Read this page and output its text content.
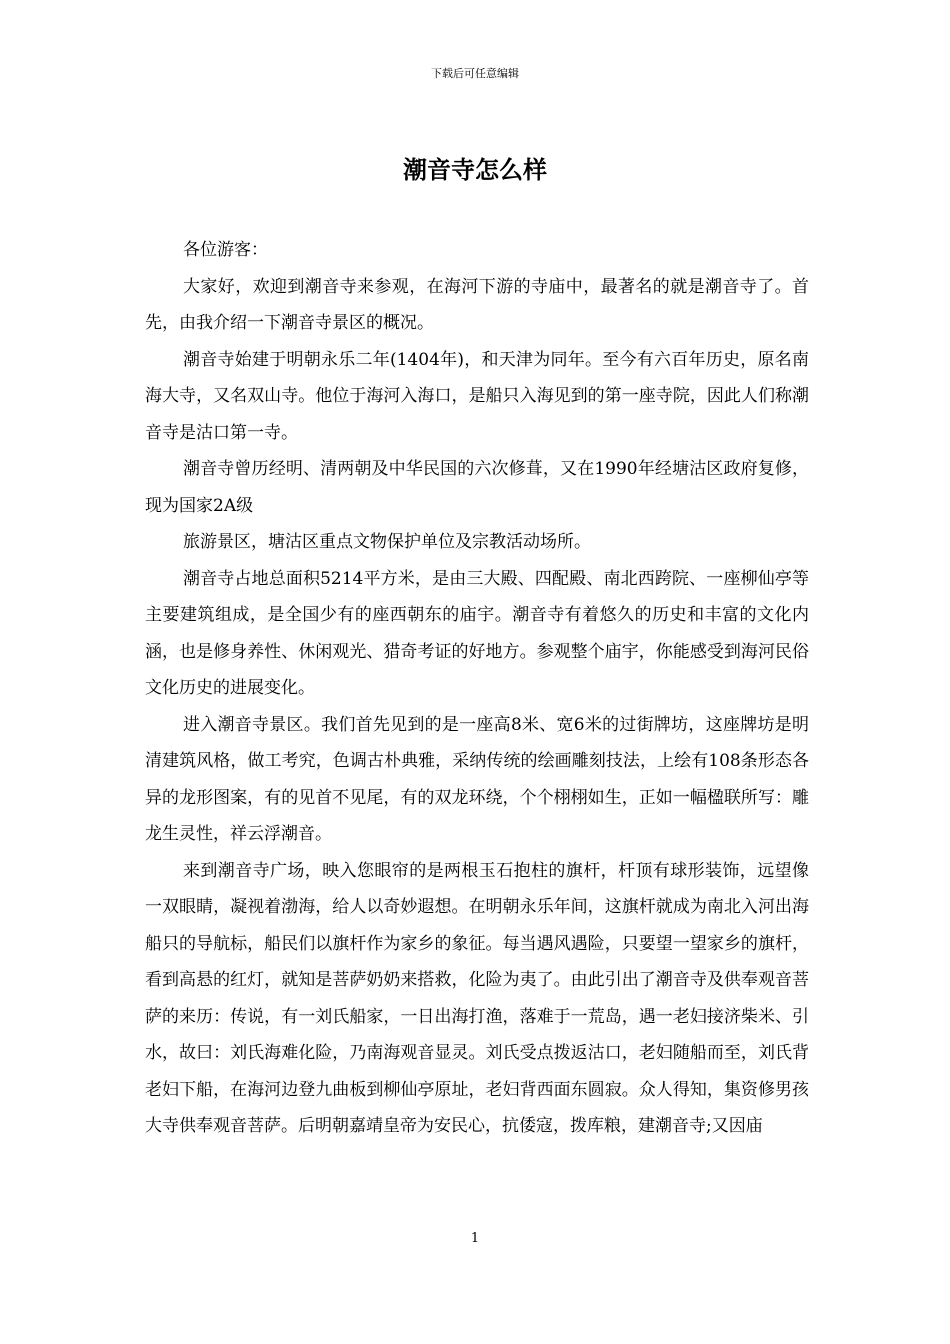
下载后可任意编辑
潮音寺怎么样

各位游客：

大家好，欢迎到潮音寺来参观，在海河下游的寺庙中，最著名的就是潮音寺了。首先，由我介绍一下潮音寺景区的概况。

潮音寺始建于明朝永乐二年(1404年)，和天津为同年。至今有六百年历史，原名南海大寺，又名双山寺。他位于海河入海口，是船只入海见到的第一座寺院，因此人们称潮音寺是沽口第一寺。

潮音寺曾历经明、清两朝及中华民国的六次修葺，又在1990年经塘沽区政府复修，现为国家2A级

旅游景区，塘沽区重点文物保护单位及宗教活动场所。

潮音寺占地总面积5214平方米，是由三大殿、四配殿、南北西跨院、一座柳仙亭等主要建筑组成，是全国少有的座西朝东的庙宇。潮音寺有着悠久的历史和丰富的文化内涵，也是修身养性、休闲观光、猎奇考证的好地方。参观整个庙宇，你能感受到海河民俗文化历史的进展变化。

进入潮音寺景区。我们首先见到的是一座高8米、宽6米的过街牌坊，这座牌坊是明清建筑风格，做工考究，色调古朴典雅，采纳传统的绘画雕刻技法，上绘有108条形态各异的龙形图案，有的见首不见尾，有的双龙环绕，个个栩栩如生，正如一幅楹联所写：雕龙生灵性，祥云浮潮音。

来到潮音寺广场，映入您眼帘的是两根玉石抱柱的旗杆，杆顶有球形装饰，远望像一双眼睛，凝视着渤海，给人以奇妙遐想。在明朝永乐年间，这旗杆就成为南北入河出海船只的导航标，船民们以旗杆作为家乡的象征。每当遇风遇险，只要望一望家乡的旗杆，看到高悬的红灯，就知是菩萨奶奶来搭救，化险为夷了。由此引出了潮音寺及供奉观音菩萨的来历：传说，有一刘氏船家，一日出海打渔，落难于一荒岛，遇一老妇接济柴米、引水，故曰：刘氏海难化险，乃南海观音显灵。刘氏受点拨返沽口，老妇随船而至，刘氏背老妇下船，在海河边登九曲板到柳仙亭原址，老妇背西面东圆寂。众人得知，集资修男孩大寺供奉观音菩萨。后明朝嘉靖皇帝为安民心，抗倭寇，拨库粮，建潮音寺;又因庙

1
